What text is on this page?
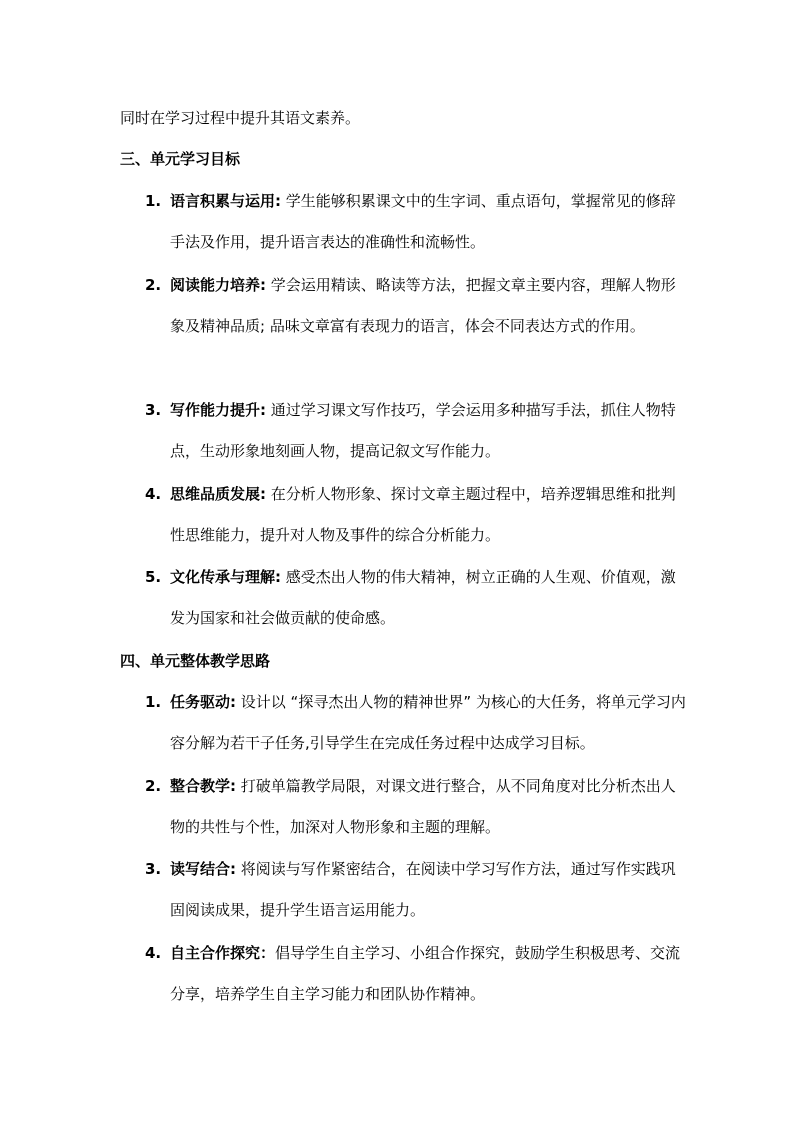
同时在学习过程中提升其语文素养。
三、单元学习目标
1. 语言积累与运用: 学生能够积累课文中的生字词、重点语句，掌握常见的修辞手法及作用，提升语言表达的准确性和流畅性。
2. 阅读能力培养: 学会运用精读、略读等方法，把握文章主要内容，理解人物形象及精神品质; 品味文章富有表现力的语言，体会不同表达方式的作用。
3. 写作能力提升: 通过学习课文写作技巧，学会运用多种描写手法，抓住人物特点，生动形象地刻画人物，提高记叙文写作能力。
4. 思维品质发展: 在分析人物形象、探讨文章主题过程中，培养逻辑思维和批判性思维能力，提升对人物及事件的综合分析能力。
5. 文化传承与理解: 感受杰出人物的伟大精神，树立正确的人生观、价值观，激发为国家和社会做贡献的使命感。
四、单元整体教学思路
1. 任务驱动: 设计以 “探寻杰出人物的精神世界” 为核心的大任务，将单元学习内容分解为若干子任务,引导学生在完成任务过程中达成学习目标。
2. 整合教学: 打破单篇教学局限，对课文进行整合，从不同角度对比分析杰出人物的共性与个性，加深对人物形象和主题的理解。
3. 读写结合: 将阅读与写作紧密结合，在阅读中学习写作方法，通过写作实践巩固阅读成果，提升学生语言运用能力。
4. 自主合作探究：倡导学生自主学习、小组合作探究，鼓励学生积极思考、交流分享，培养学生自主学习能力和团队协作精神。
